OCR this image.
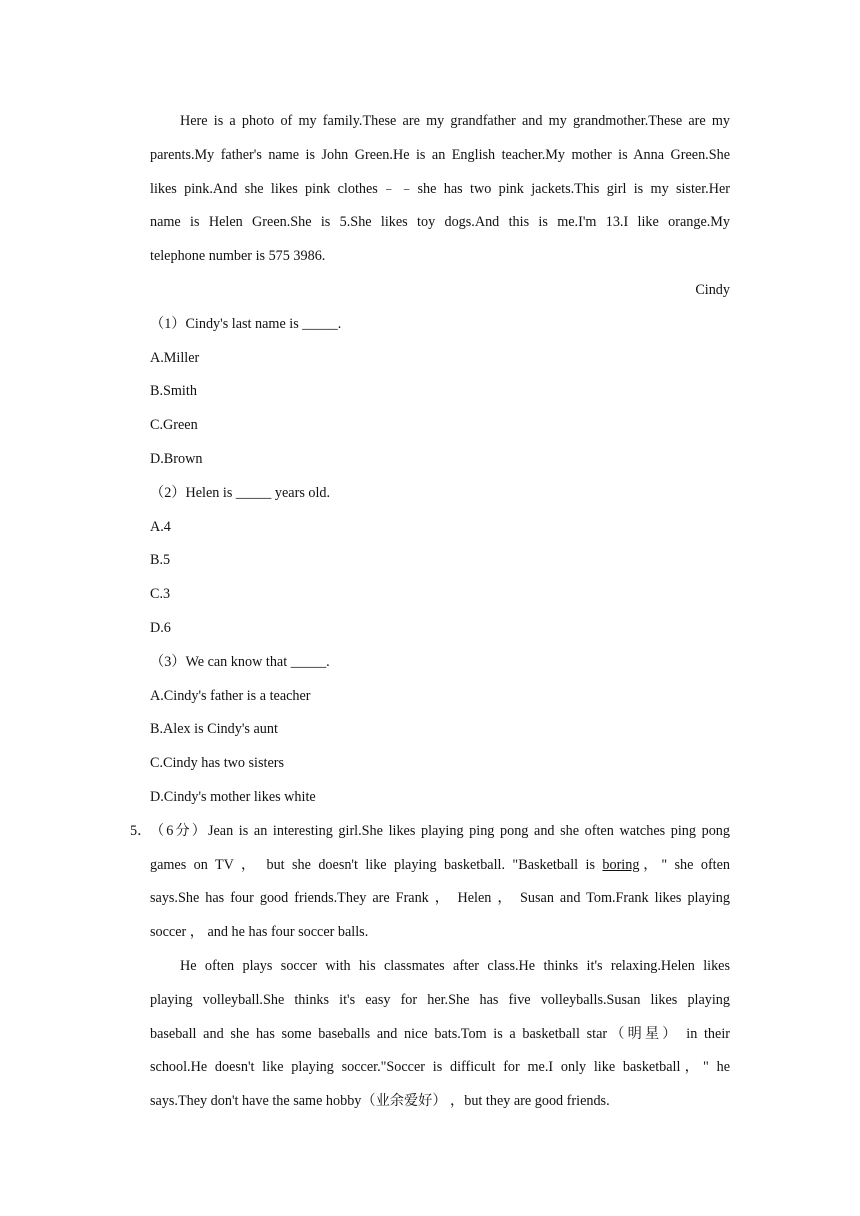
Here is a photo of my family.These are my grandfather and my grandmother.These are my
parents.My father's name is John Green.He is an English teacher.My mother is Anna Green.She
likes pink.And she likes pink clothes﹣﹣she has two pink jackets.This girl is my sister.Her
name is Helen Green.She is 5.She likes toy dogs.And this is me.I'm 13.I like orange.My
telephone number is 575 3986.
Cindy
（1）Cindy's last name is _____.
A.Miller
B.Smith
C.Green
D.Brown
（2）Helen is _____ years old.
A.4
B.5
C.3
D.6
（3）We can know that _____.
A.Cindy's father is a teacher
B.Alex is Cindy's aunt
C.Cindy has two sisters
D.Cindy's mother likes white
5．
（6分）Jean is an interesting girl.She likes playing ping pong and she often watches ping pong
games on TV ， but she doesn't like playing basketball. "Basketball is boring，" she often
says.She has four good friends.They are Frank ， Helen ， Susan and Tom.Frank likes playing
soccer ， and he has four soccer balls.
He often plays soccer with his classmates after class.He thinks it's relaxing.Helen likes
playing volleyball.She thinks it's easy for her.She has five volleyballs.Susan likes playing
baseball and she has some baseballs and nice bats.Tom is a basketball star（明星） in their
school.He doesn't like playing soccer."Soccer is difficult for me.I only like basketball，" he
says.They don't have the same hobby（业余爱好） ，but they are good friends.
